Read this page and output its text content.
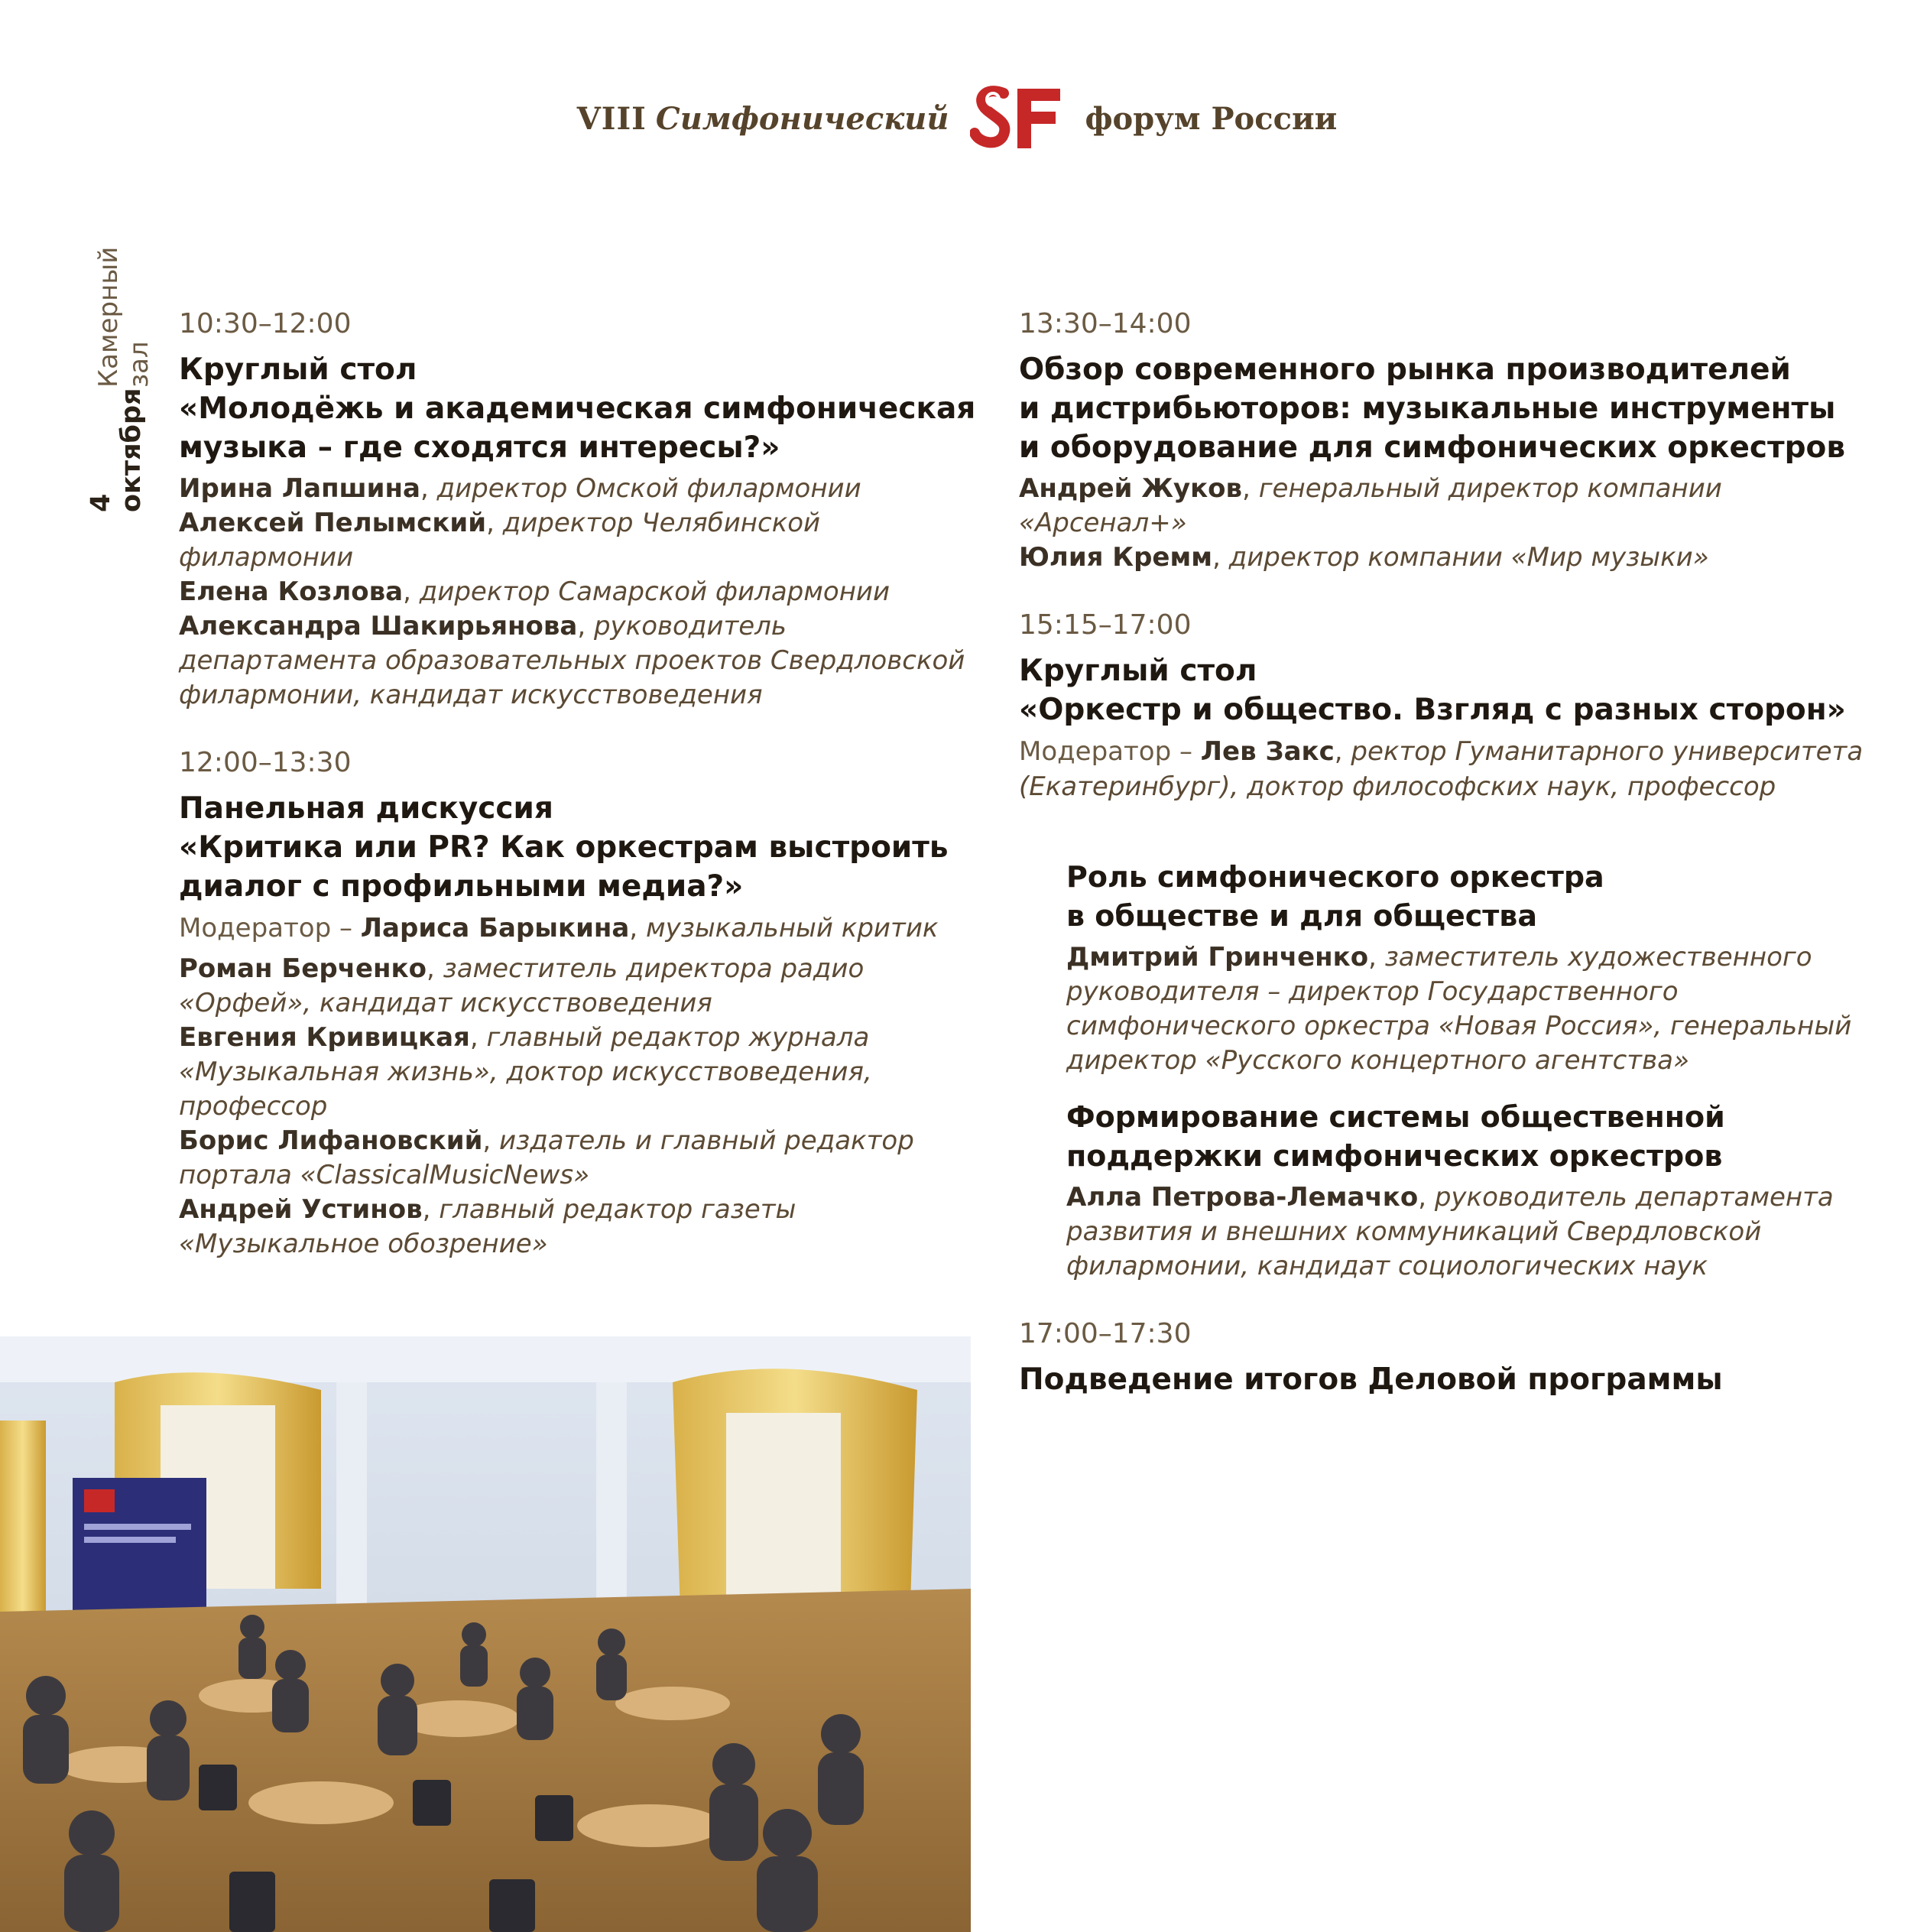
VIII Симфонический	форум России
4 октября
Камерный зал
10:30–12:00
Круглый стол
«Молодёжь и академическая симфоническая
музыка – где сходятся интересы?»
Ирина Лапшина, директор Омской филармонии
Алексей Пелымский, директор Челябинской филармонии
Елена Козлова, директор Самарской филармонии
Александра Шакирьянова, руководитель департамента образовательных проектов Свердловской филармонии, кандидат искусствоведения
12:00–13:30
Панельная дискуссия
«Критика или PR? Как оркестрам выстроить
диалог с профильными медиа?»
Модератор – Лариса Барыкина, музыкальный критик
Роман Берченко, заместитель директора радио «Орфей», кандидат искусствоведения
Евгения Кривицкая, главный редактор журнала «Музыкальная жизнь», доктор искусствоведения, профессор
Борис Лифановский, издатель и главный редактор портала «ClassicalMusicNews»
Андрей Устинов, главный редактор газеты «Музыкальное обозрение»
13:30–14:00
Обзор современного рынка производителей
и дистрибьюторов: музыкальные инструменты
и оборудование для симфонических оркестров
Андрей Жуков, генеральный директор компании «Арсенал+»
Юлия Кремм, директор компании «Мир музыки»
15:15–17:00
Круглый стол
«Оркестр и общество. Взгляд с разных сторон»
Модератор – Лев Закс, ректор Гуманитарного университета (Екатеринбург), доктор философских наук, профессор
Роль симфонического оркестра
в обществе и для общества
Дмитрий Гринченко, заместитель художественного руководителя – директор Государственного симфонического оркестра «Новая Россия», генеральный директор «Русского концертного агентства»
Формирование системы общественной
поддержки симфонических оркестров
Алла Петрова-Лемачко, руководитель департамента развития и внешних коммуникаций Свердловской филармонии, кандидат социологических наук
17:00–17:30
Подведение итогов Деловой программы
